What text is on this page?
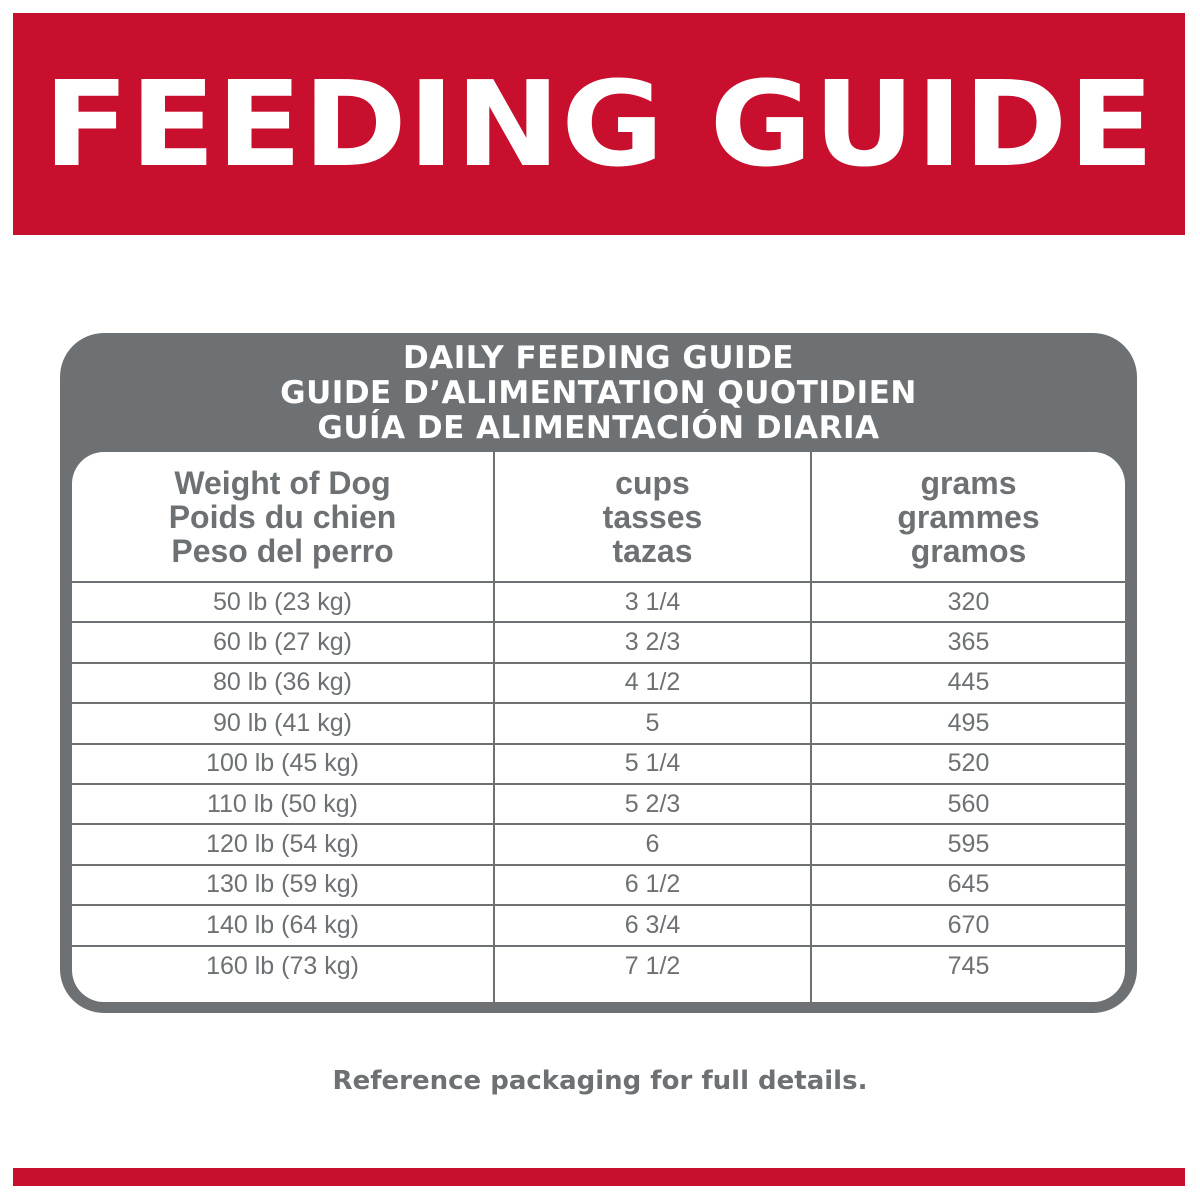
FEEDING GUIDE
DAILY FEEDING GUIDE
GUIDE D’ALIMENTATION QUOTIDIEN
GUÍA DE ALIMENTACIÓN DIARIA
Weight of Dog
Poids du chien
Peso del perro
cups
tasses
tazas
grams
grammes
gramos
50 lb (23 kg)	3 1/4	320
60 lb (27 kg)	3 2/3	365
80 lb (36 kg)	4 1/2	445
90 lb (41 kg)	5	495
100 lb (45 kg)	5 1/4	520
110 lb (50 kg)	5 2/3	560
120 lb (54 kg)	6	595
130 lb (59 kg)	6 1/2	645
140 lb (64 kg)	6 3/4	670
160 lb (73 kg)	7 1/2	745
Reference packaging for full details.
